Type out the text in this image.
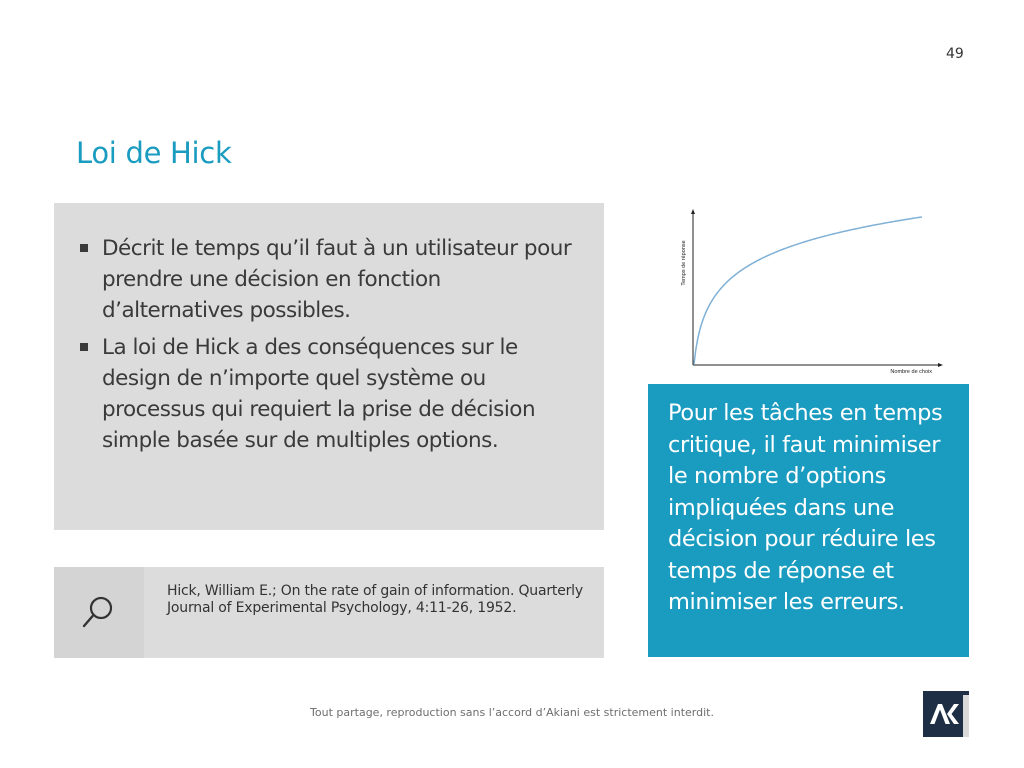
49
Loi de Hick
Décrit le temps qu’il faut à un utilisateur pour prendre une décision en fonction d’alternatives possibles.
La loi de Hick a des conséquences sur le design de n’importe quel système ou processus qui requiert la prise de décision simple basée sur de multiples options.
Hick, William E.; On the rate of gain of information. Quarterly Journal of Experimental Psychology, 4:11-26, 1952.
Nombre de choix
Temps de réponse
Pour les tâches en temps critique, il faut minimiser le nombre d’options impliquées dans une décision pour réduire les temps de réponse et minimiser les erreurs.
Tout partage, reproduction sans l’accord d’Akiani est strictement interdit.
